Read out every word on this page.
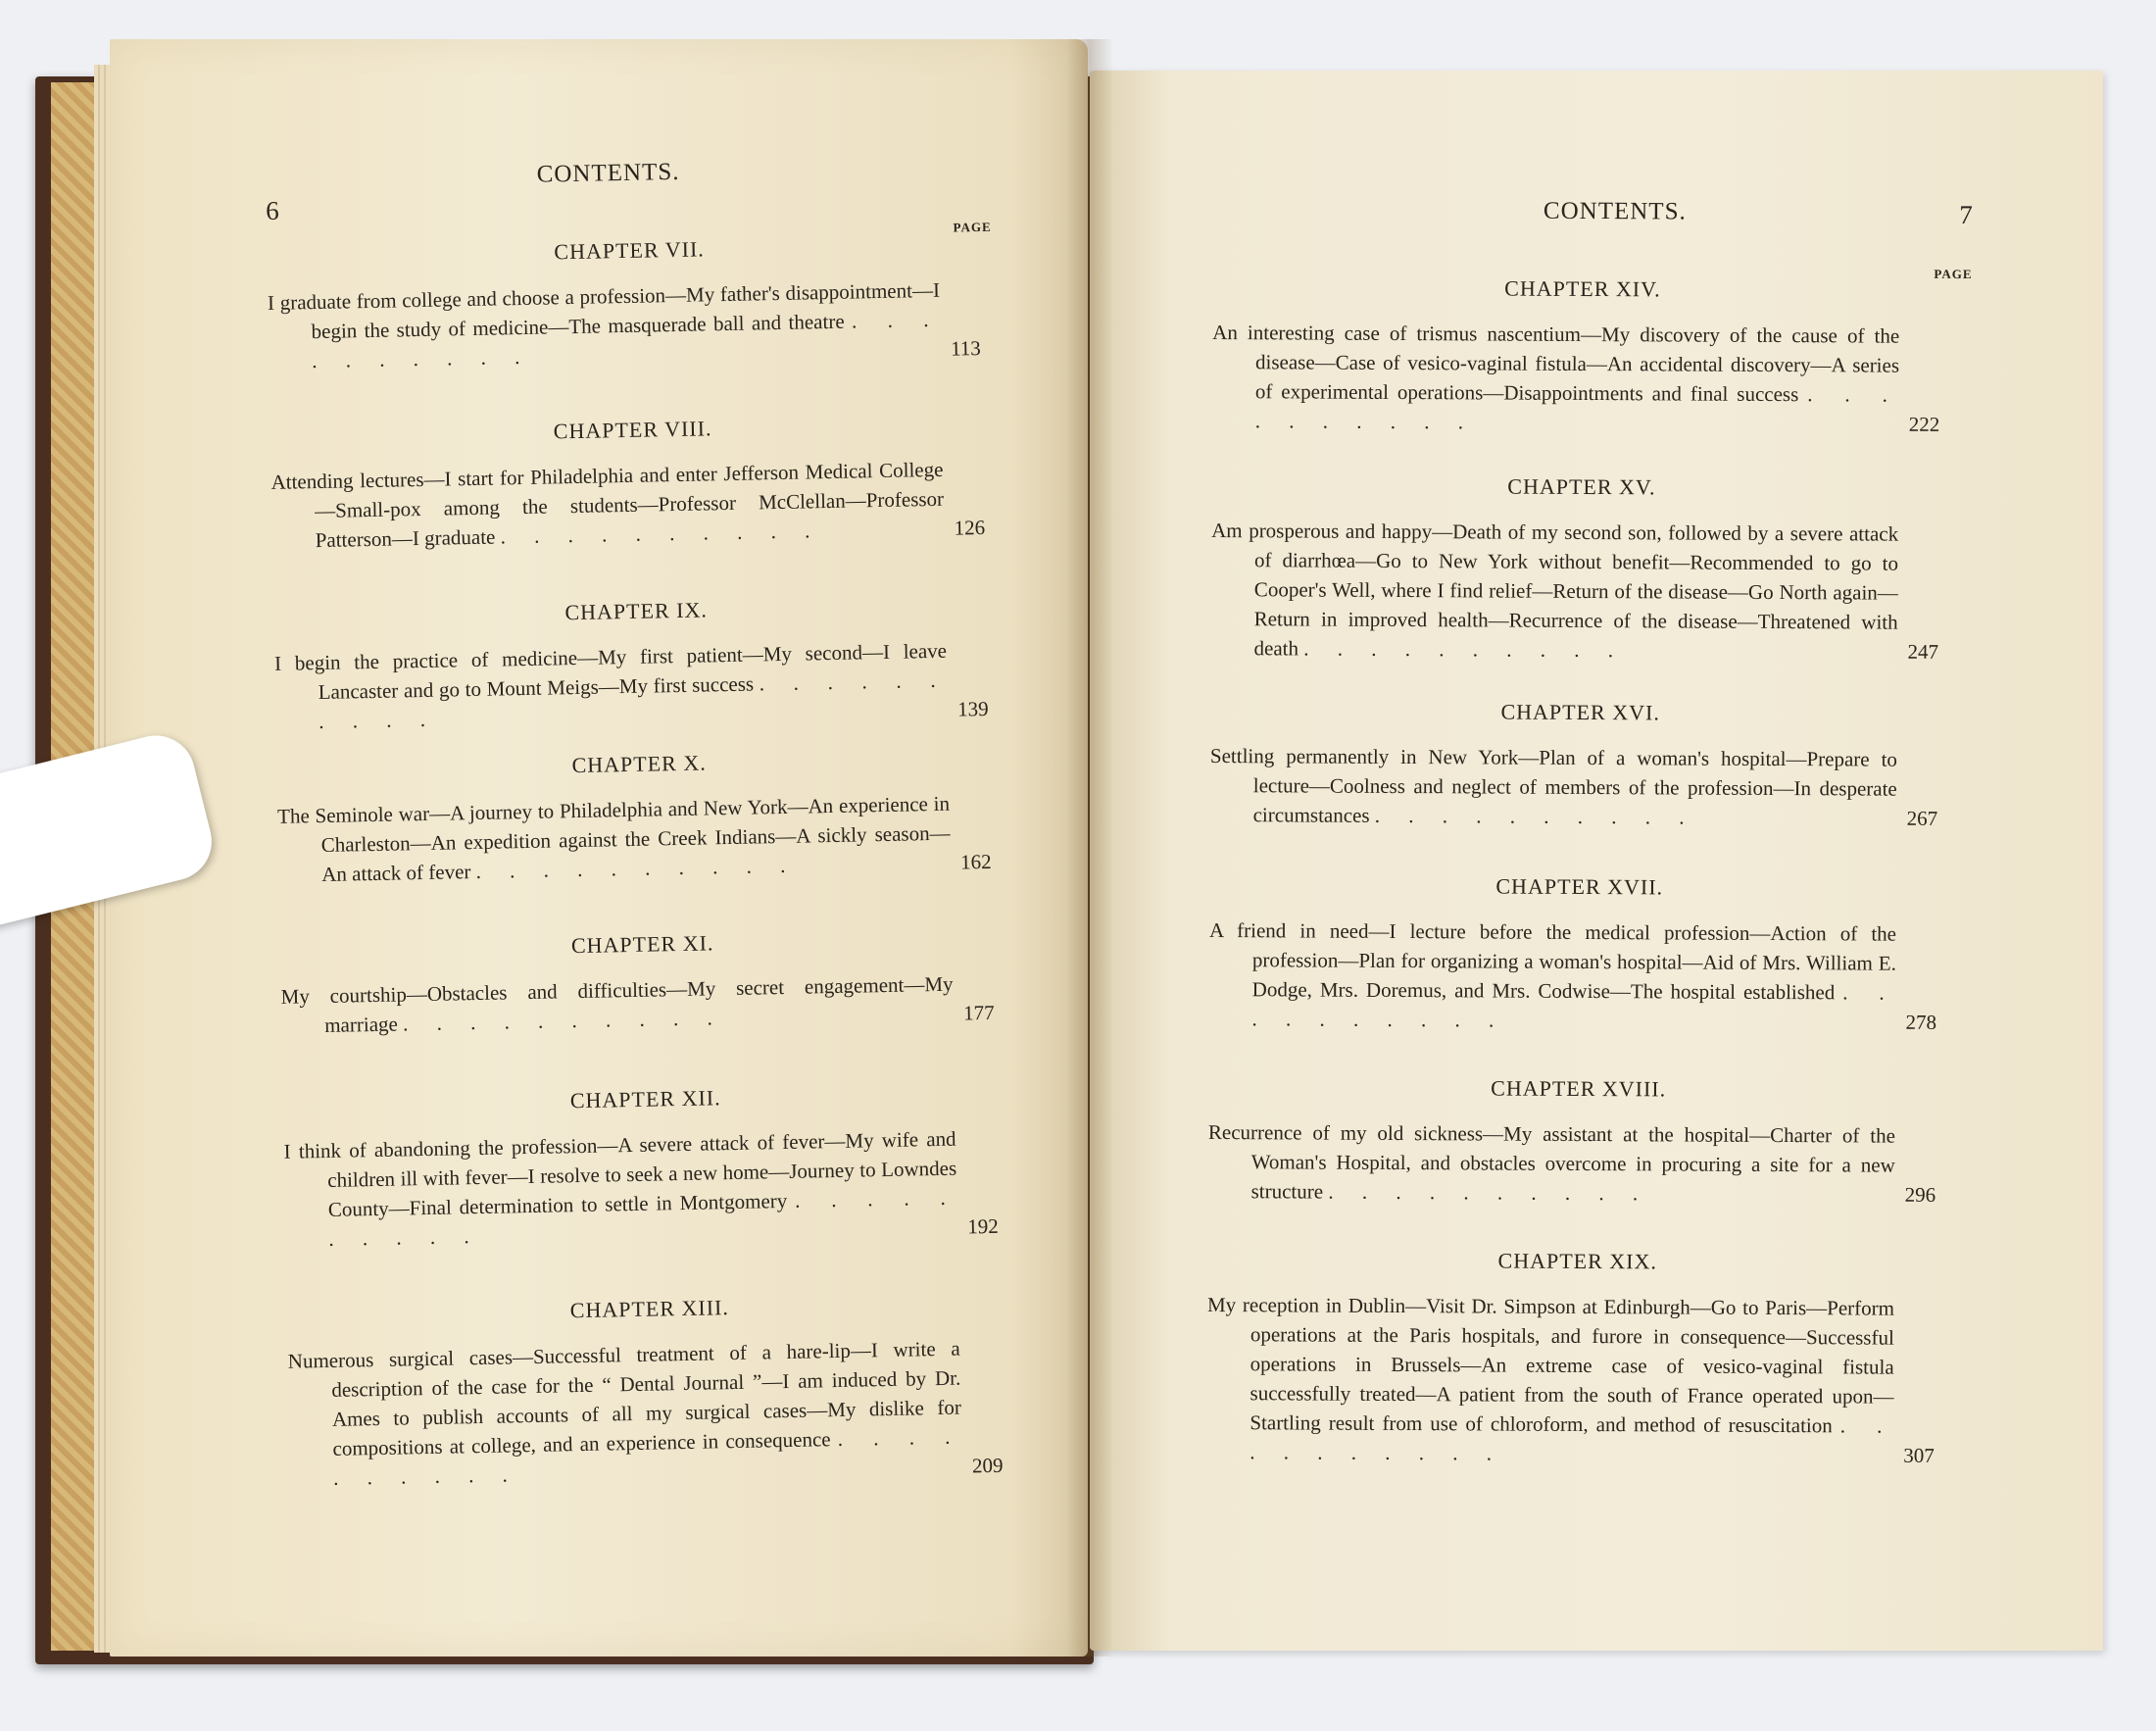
6
CONTENTS.
PAGE
CHAPTER VII.
I graduate from college and choose a profession—My father's disappointment—I begin the study of medicine—The masquerade ball and theatre . . . . . . . . . .	113
CHAPTER VIII.
Attending lectures—I start for Philadelphia and enter Jefferson Medical College—Small-pox among the students—Professor McClellan—Professor Patterson—I graduate . . . . . . . . . .	126
CHAPTER IX.
I begin the practice of medicine—My first patient—My second—I leave Lancaster and go to Mount Meigs—My first success . . . . . . . . . .	139
CHAPTER X.
The Seminole war—A journey to Philadelphia and New York—An experience in Charleston—An expedition against the Creek Indians—A sickly season—An attack of fever . . . . . . . . . .	162
CHAPTER XI.
My courtship—Obstacles and difficulties—My secret engagement—My marriage . . . . . . . . . .	177
CHAPTER XII.
I think of abandoning the profession—A severe attack of fever—My wife and children ill with fever—I resolve to seek a new home—Journey to Lowndes County—Final determination to settle in Montgomery . . . . . . . . . .	192
CHAPTER XIII.
Numerous surgical cases—Successful treatment of a hare-lip—I write a description of the case for the “ Dental Journal ”—I am induced by Dr. Ames to publish accounts of all my surgical cases—My dislike for compositions at college, and an experience in consequence . . . . . . . . . .	209
CONTENTS.	7
PAGE
CHAPTER XIV.
An interesting case of trismus nascentium—My discovery of the cause of the disease—Case of vesico-vaginal fistula—An accidental discovery—A series of experimental operations—Disappointments and final success . . . . . . . . . .	222
CHAPTER XV.
Am prosperous and happy—Death of my second son, followed by a severe attack of diarrhœa—Go to New York without benefit—Recommended to go to Cooper's Well, where I find relief—Return of the disease—Go North again—Return in improved health—Recurrence of the disease—Threatened with death . . . . . . . . . .	247
CHAPTER XVI.
Settling permanently in New York—Plan of a woman's hospital—Prepare to lecture—Coolness and neglect of members of the profession—In desperate circumstances . . . . . . . . . .	267
CHAPTER XVII.
A friend in need—I lecture before the medical profession—Action of the profession—Plan for organizing a woman's hospital—Aid of Mrs. William E. Dodge, Mrs. Doremus, and Mrs. Codwise—The hospital established . . . . . . . . . .	278
CHAPTER XVIII.
Recurrence of my old sickness—My assistant at the hospital—Charter of the Woman's Hospital, and obstacles overcome in procuring a site for a new structure . . . . . . . . . .	296
CHAPTER XIX.
My reception in Dublin—Visit Dr. Simpson at Edinburgh—Go to Paris—Perform operations at the Paris hospitals, and furore in consequence—Successful operations in Brussels—An extreme case of vesico-vaginal fistula successfully treated—A patient from the south of France operated upon—Startling result from use of chloroform, and method of resuscitation . . . . . . . . . .	307
